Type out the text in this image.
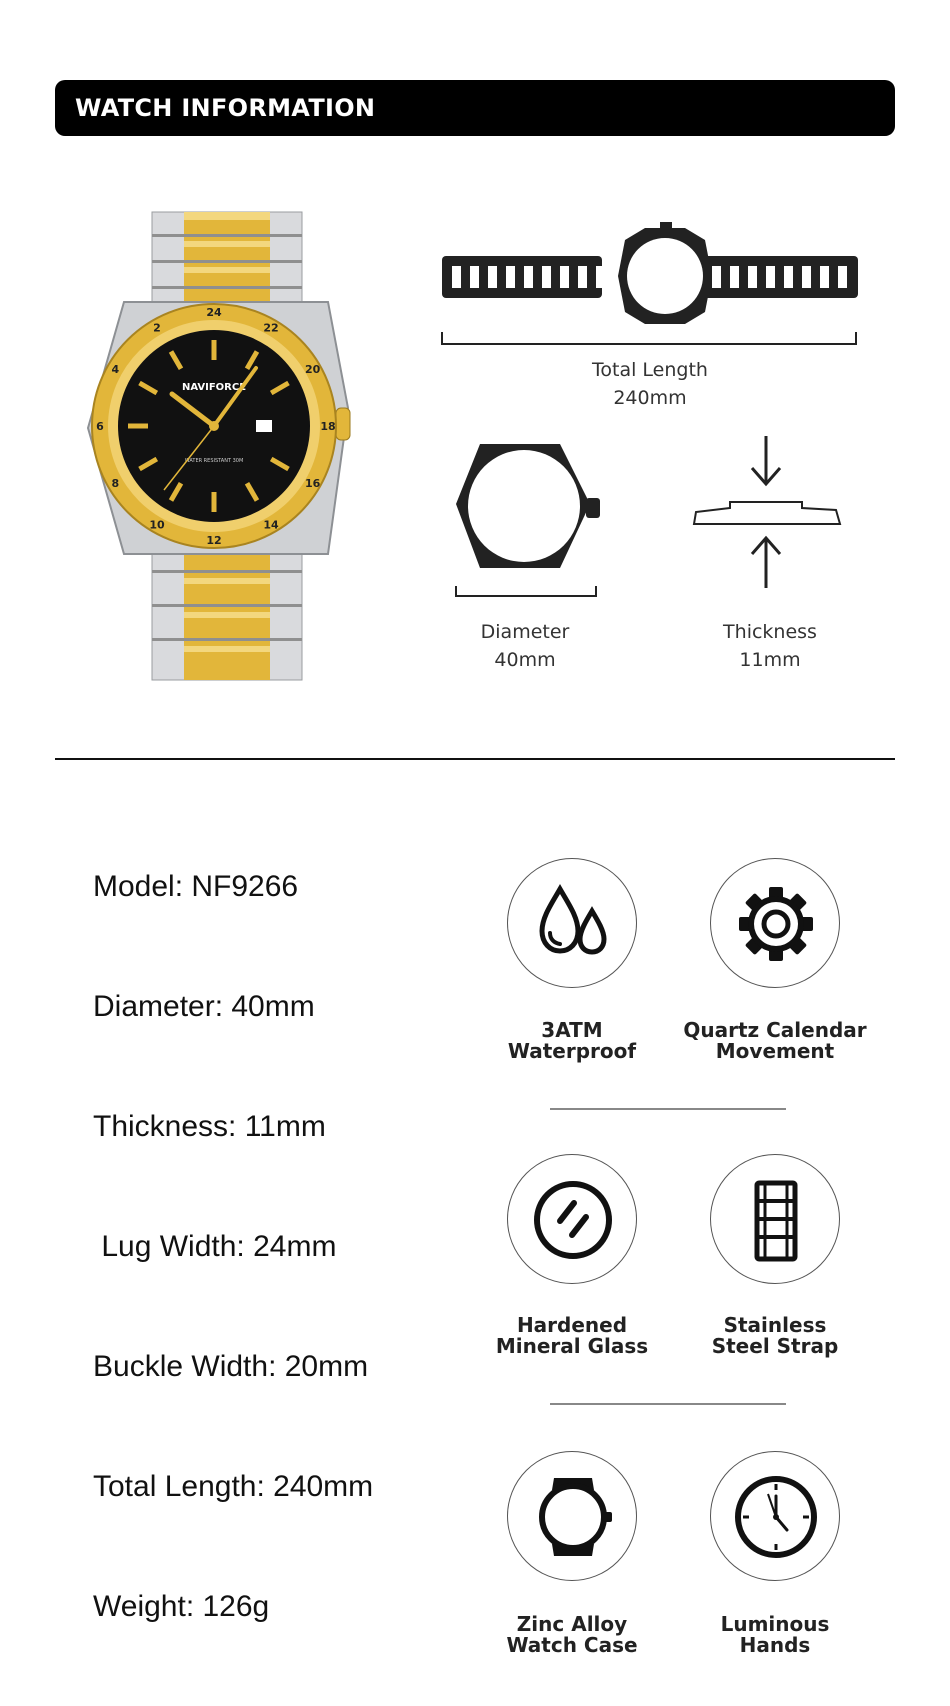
WATCH INFORMATION
24
22
20
18
16
14
12
10
8
6
4
2
NAVIFORCE
WATER RESISTANT 30M
Total Length
240mm
Diameter
40mm
Thickness
11mm
Model: NF9266
Diameter: 40mm
Thickness: 11mm
Lug Width: 24mm
Buckle Width: 20mm
Total Length: 240mm
Weight: 126g
3ATM
Waterproof
Quartz Calendar
Movement
Hardened
Mineral Glass
Stainless
Steel Strap
Zinc Alloy
Watch Case
Luminous
Hands
